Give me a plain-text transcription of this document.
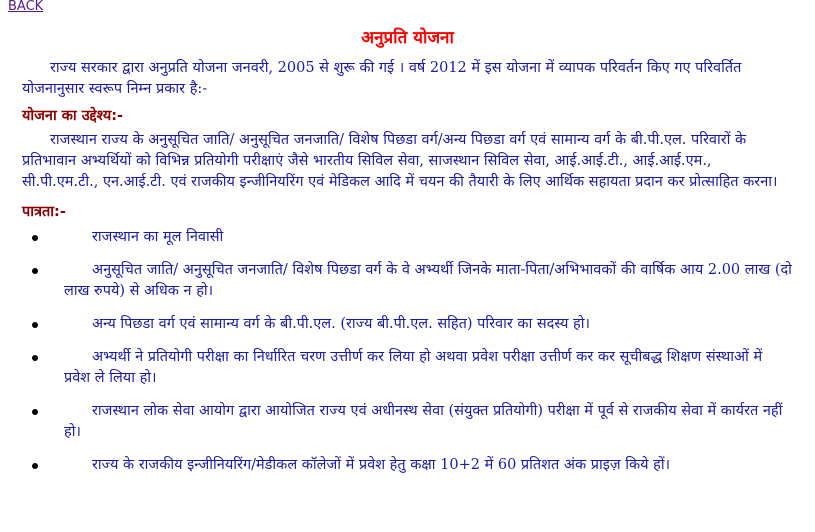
BACK
अनुप्रति योजना

राज्य सरकार द्वारा अनुप्रति योजना जनवरी, 2005 से शुरू की गई । वर्ष 2012 में इस योजना में व्यापक परिवर्तन किए गए परिवर्तित योजनानुसार स्वरूप निम्न प्रकार है:-

योजना का उद्देश्य:-

राजस्थान राज्य के अनुसूचित जाति/ अनुसूचित जनजाति/ विशेष पिछडा वर्ग/अन्य पिछडा वर्ग एवं सामान्य वर्ग के बी.पी.एल. परिवारों के प्रतिभावान अभ्यर्थियों को विभिन्न प्रतियोगी परीक्षाएं जैसे भारतीय सिविल सेवा, साजस्थान सिविल सेवा, आई.आई.टी., आई.आई.एम., सी.पी.एम.टी., एन.आई.टी. एवं राजकीय इन्जीनियरिंग एवं मेडिकल आदि में चयन की तैयारी के लिए आर्थिक सहायता प्रदान कर प्रोत्साहित करना।

पात्रता:-
राजस्थान का मूल निवासी
अनुसूचित जाति/ अनुसूचित जनजाति/ विशेष पिछडा वर्ग के वे अभ्यर्थी जिनके माता-पिता/अभिभावकों की वार्षिक आय 2.00 लाख (दो लाख रुपये) से अधिक न हो।
अन्य पिछडा वर्ग एवं सामान्य वर्ग के बी.पी.एल. (राज्य बी.पी.एल. सहित) परिवार का सदस्य हो।
अभ्यर्थी ने प्रतियोगी परीक्षा का निर्धारित चरण उत्तीर्ण कर लिया हो अथवा प्रवेश परीक्षा उत्तीर्ण कर कर सूचीबद्ध शिक्षण संस्थाओं में प्रवेश ले लिया हो।
राजस्थान लोक सेवा आयोग द्वारा आयोजित राज्य एवं अधीनस्थ सेवा (संयुक्त प्रतियोगी) परीक्षा में पूर्व से राजकीय सेवा में कार्यरत नहीं हो।
राज्य के राजकीय इन्जीनियरिंग/मेडीकल कॉलेजों में प्रवेश हेतु कक्षा 10+2 में 60 प्रतिशत अंक प्राइज़ किये हों।
